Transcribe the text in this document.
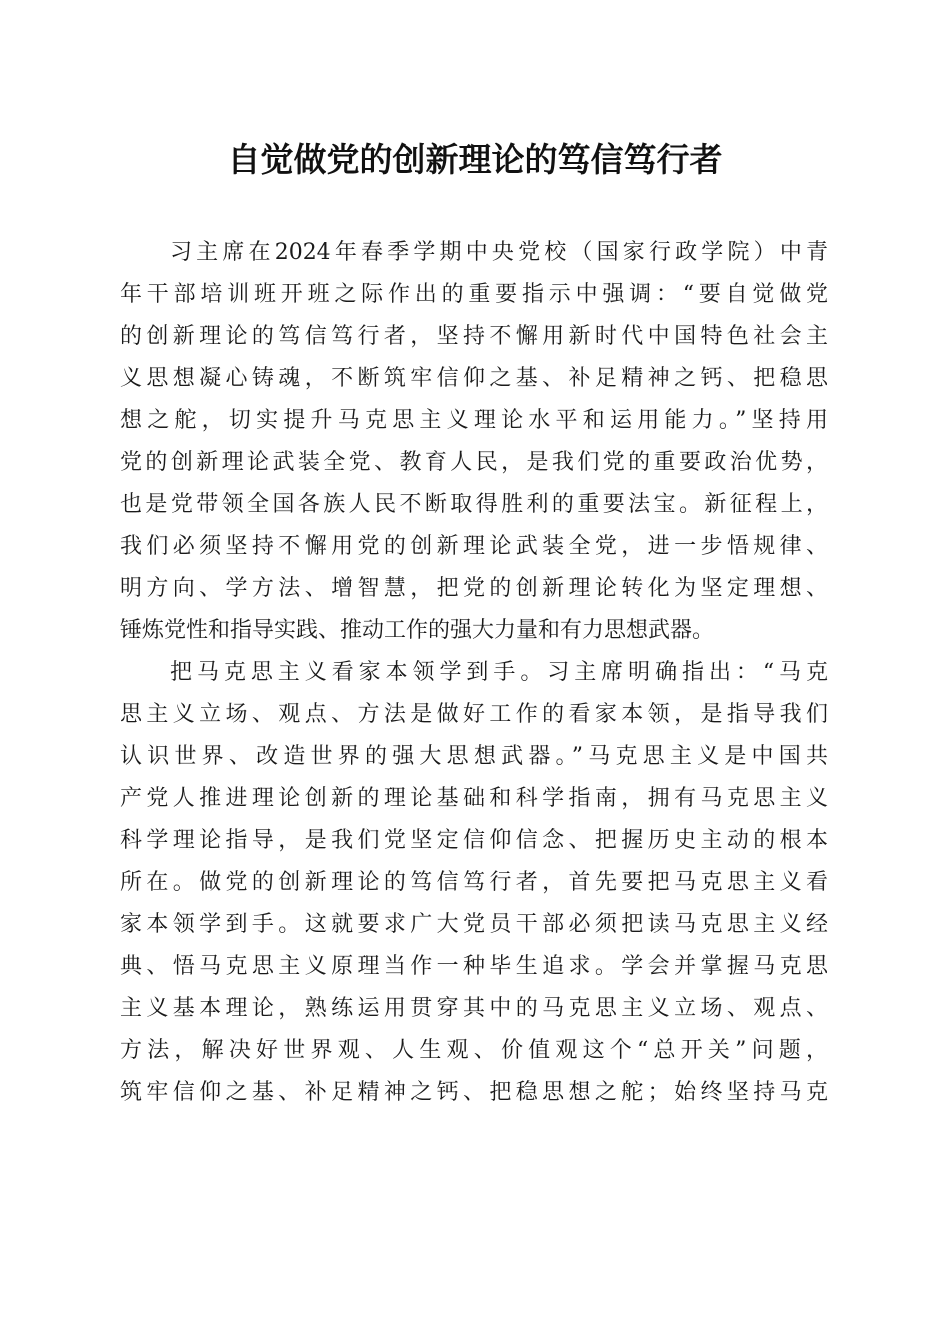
自觉做党的创新理论的笃信笃行者
习主席在2024年春季学期中央党校（国家行政学院）中青
年干部培训班开班之际作出的重要指示中强调：“要自觉做党
的创新理论的笃信笃行者，坚持不懈用新时代中国特色社会主
义思想凝心铸魂，不断筑牢信仰之基、补足精神之钙、把稳思
想之舵，切实提升马克思主义理论水平和运用能力。”坚持用
党的创新理论武装全党、教育人民，是我们党的重要政治优势，
也是党带领全国各族人民不断取得胜利的重要法宝。新征程上，
我们必须坚持不懈用党的创新理论武装全党，进一步悟规律、
明方向、学方法、增智慧，把党的创新理论转化为坚定理想、
锤炼党性和指导实践、推动工作的强大力量和有力思想武器。
把马克思主义看家本领学到手。习主席明确指出：“马克
思主义立场、观点、方法是做好工作的看家本领，是指导我们
认识世界、改造世界的强大思想武器。”马克思主义是中国共
产党人推进理论创新的理论基础和科学指南，拥有马克思主义
科学理论指导，是我们党坚定信仰信念、把握历史主动的根本
所在。做党的创新理论的笃信笃行者，首先要把马克思主义看
家本领学到手。这就要求广大党员干部必须把读马克思主义经
典、悟马克思主义原理当作一种毕生追求。学会并掌握马克思
主义基本理论，熟练运用贯穿其中的马克思主义立场、观点、
方法，解决好世界观、人生观、价值观这个“总开关”问题，
筑牢信仰之基、补足精神之钙、把稳思想之舵；始终坚持马克
